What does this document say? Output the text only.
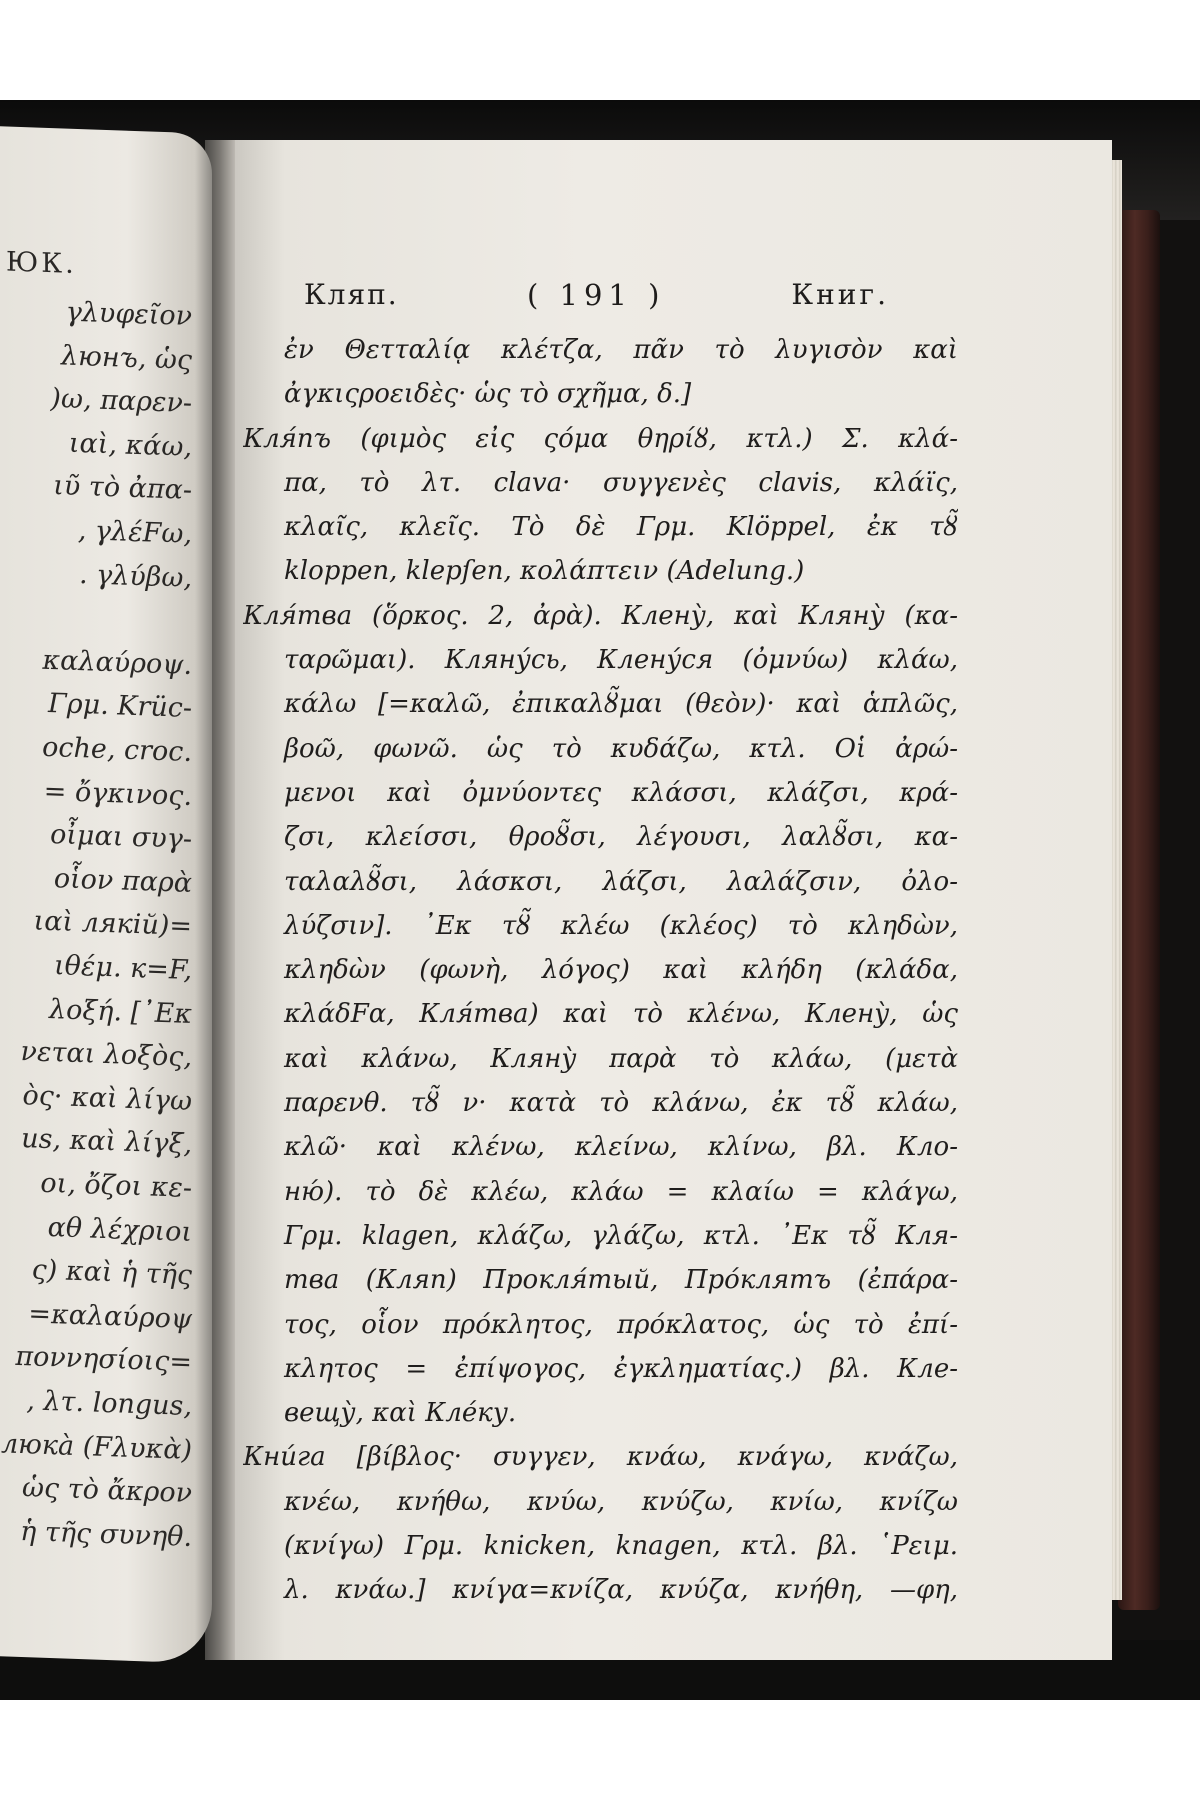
ЮК.
γλυφεῖον
λюнъ, ὡς
)ω, παρεν-
ιαὶ, κάω,
ιῦ τὸ ἀπα-
, γλέFω,
. γλύβω,
καλαύροψ.
Γρμ. Krüc-
oche, croc.
= ὄγκινος.
οἶμαι συγ-
οἷον παρὰ
ιαὶ лякій)=
ιθέμ. к=F,
λοξή. [᾽Εκ
νεται λοξὸς,
ὸς· καὶ λίγω
us, καὶ λίγξ,
οι, ὄζοι κε-
αθ λέχριοι
ς) καὶ ἡ τῆς
=καλαύροψ
ποννησίοις=
, λτ. longus,
люка̀ (Fλυκὰ)
ὡς τὸ ἄκρον
ἡ τῆς συνηθ.
Кляп.	( 191 )	Книг.
ἐν Θετταλίᾳ κλέτζα, πᾶν τὸ λυγισὸν καὶ
ἀγκιςροειδὲς· ὡς τὸ σχῆμα, δ.]
Кля́пъ (φιμὸς εἰς ςόμα θηρίȣ, κτλ.) Σ. κλά-
πα, τὸ λτ. clava· συγγενὲς clavis, κλάϊς,
κλαῖς, κλεῖς. Τὸ δὲ Γρμ. Klöppel, ἐκ τȣ̃
kloppen, klepſen, κολάπτειν (Adelung.)
Кля́тва (ὅρκος. 2, ἀρὰ). Клену̀, καὶ Кляну̀ (κα-
ταρῶμαι). Кляну́сь, Клену́ся (ὀμνύω) κλάω,
κάλω [=καλῶ, ἐπικαλȣ̃μαι (θεὸν)· καὶ ἁπλῶς,
βοῶ, φωνῶ. ὡς τὸ κυδάζω, κτλ. Οἱ ἀρώ-
μενοι καὶ ὀμνύοντες κλάσσι, κλάζσι, κρά-
ζσι, κλείσσι, θροȣ̃σι, λέγουσι, λαλȣ̃σι, κα-
ταλαλȣ̃σι, λάσκσι, λάζσι, λαλάζσιν, ὀλο-
λύζσιν]. ᾽Εκ τȣ̃ κλέω (κλέος) τὸ κληδὼν,
κληδὼν (φωνὴ, λόγος) καὶ κλήδη (κλάδα,
κλάδFα, Кля́тва) καὶ τὸ κλένω, Клену̀, ὡς
καὶ κλάνω, Кляну̀ παρὰ τὸ κλάω, (μετὰ
παρενθ. τȣ̃ ν· κατὰ τὸ κλάνω, ἐκ τȣ̃ κλάω,
κλῶ· καὶ κλένω, κλείνω, κλίνω, βλ. Кло-
ню́). τὸ δὲ κλέω, κλάω = κλαίω = κλάγω,
Γρμ. klagen, κλάζω, γλάζω, κτλ. ᾽Εκ τȣ̃ Кля-
тва (Кляп) Прокля́тый, Про́клятъ (ἐπάρα-
τος, οἷον πρόκλητος, πρόκλατος, ὡς τὸ ἐπί-
κλητος = ἐπίψογος, ἐγκληματίας.) βλ. Кле-
вещу̀, καὶ Кле́ку.
Кни́га [βίβλος· συγγεν, κνάω, κνάγω, κνάζω,
κνέω, κνήθω, κνύω, κνύζω, κνίω, κνίζω
(κνίγω) Γρμ. knicken, knagen, κτλ. βλ. ῾Ρειμ.
λ. κνάω.] κνίγα=κνίζα, κνύζα, κνήθη, —φη,
